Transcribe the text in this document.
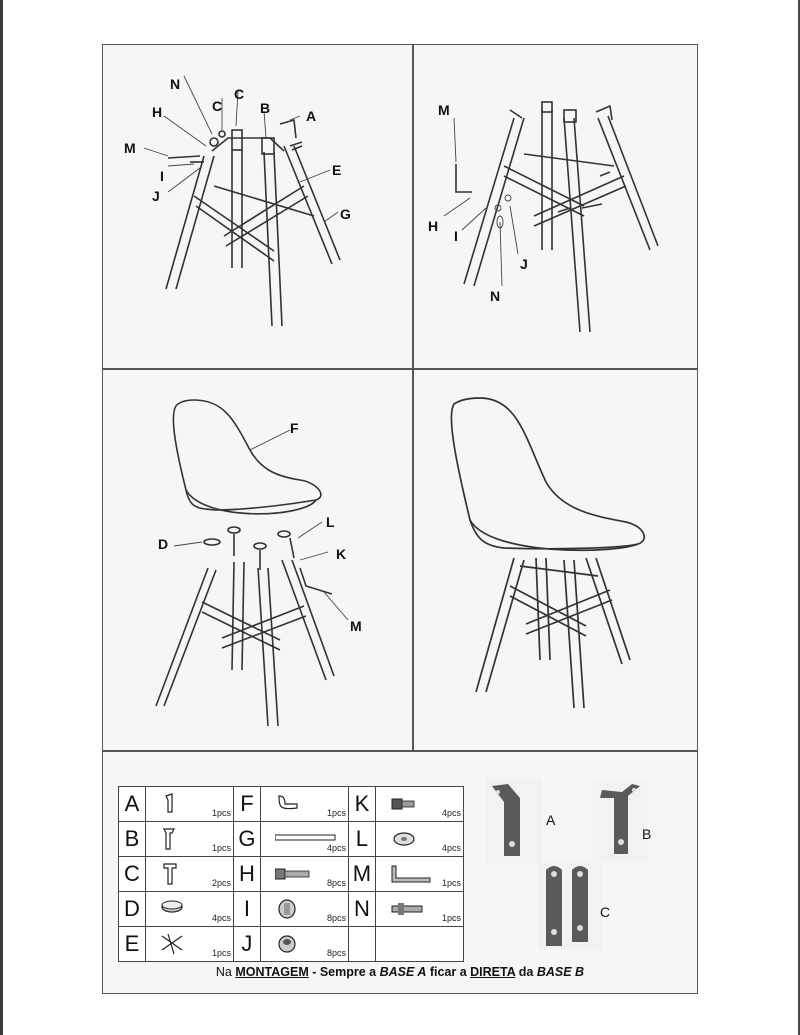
N
C
C
B	A
H
M
E
I
J
G
M
H
I
J
N
F
L
D
K
M
A	1pcs	F	1pcs	K	4pcs

B	1pcs	G	4pcs	L	4pcs

C	2pcs	H	8pcs	M	1pcs

D	4pcs	I	8pcs	N	1pcs

E	1pcs	J	8pcs		

A
B
C
Na MONTAGEM - Sempre a BASE A ficar a DIRETA da BASE B
